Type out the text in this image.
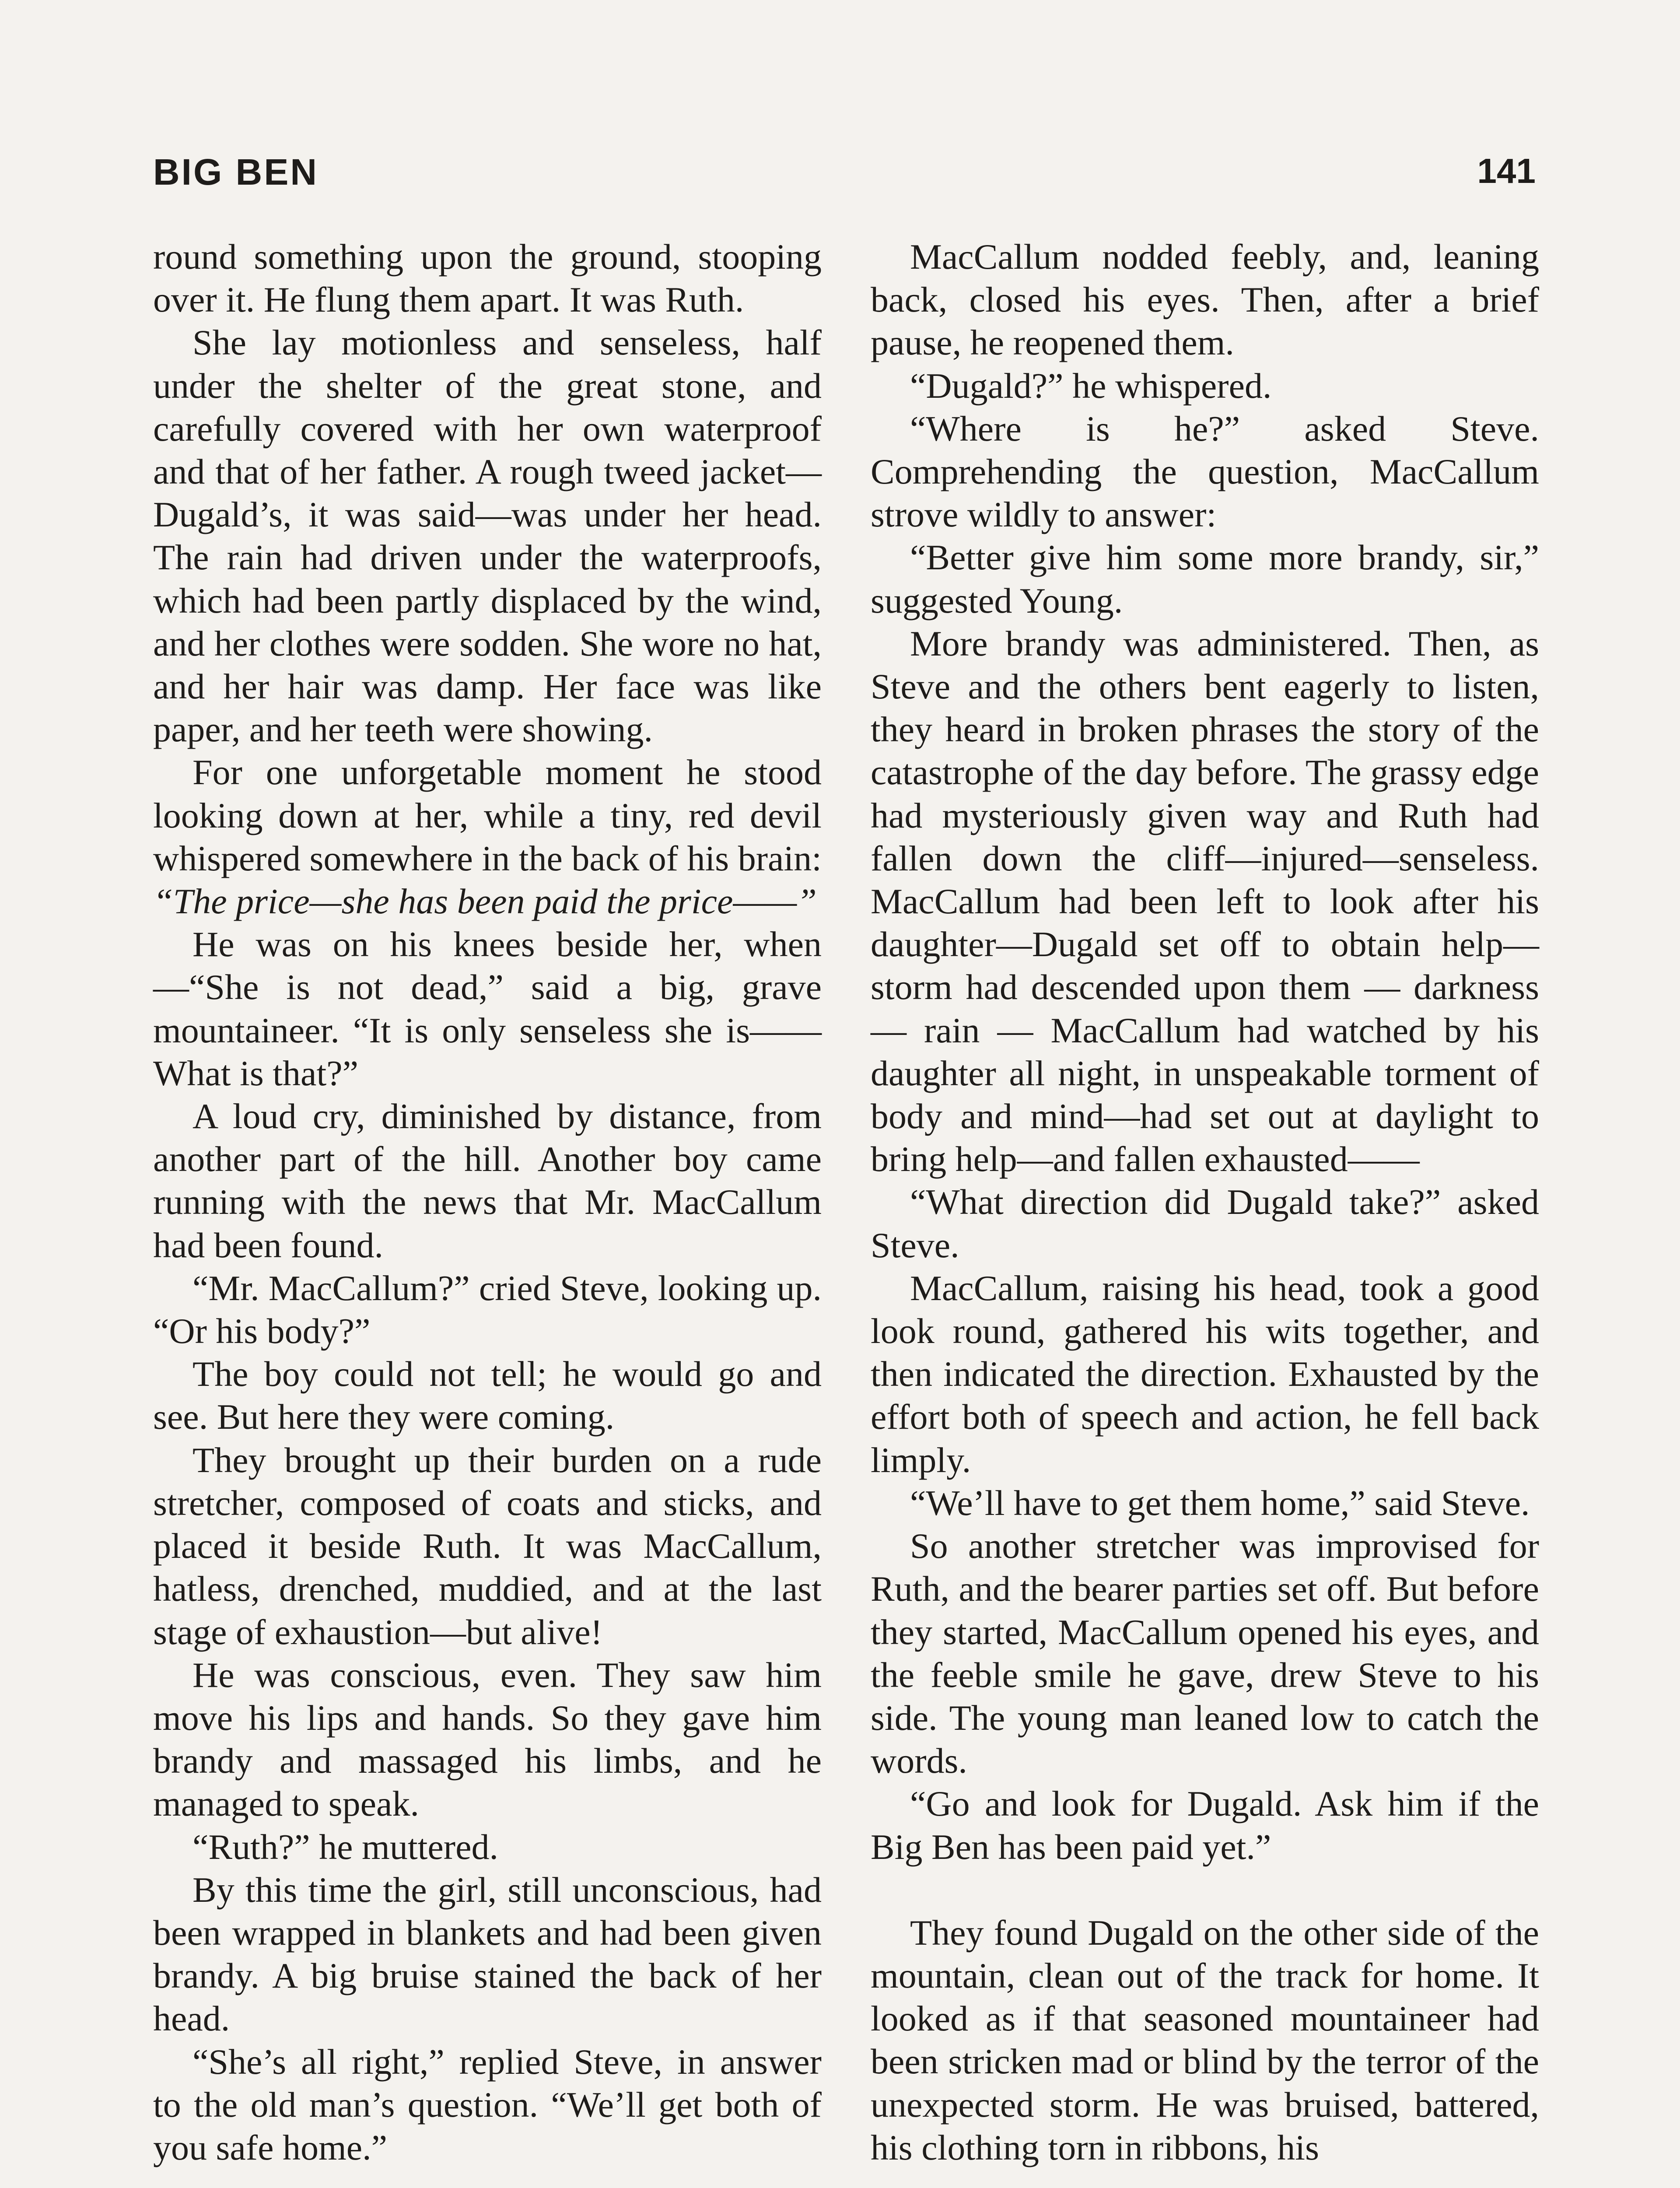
BIG BEN	141

round something upon the ground, stooping over it. He flung them apart. It was Ruth.

She lay motionless and senseless, half under the shelter of the great stone, and carefully covered with her own waterproof and that of her father. A rough tweed jacket—Dugald’s, it was said—was under her head. The rain had driven under the waterproofs, which had been partly displaced by the wind, and her clothes were sodden. She wore no hat, and her hair was damp. Her face was like paper, and her teeth were showing.

For one unforgetable moment he stood looking down at her, while a tiny, red devil whispered somewhere in the back of his brain: “The price—she has been paid the price——”

He was on his knees beside her, when—“She is not dead,” said a big, grave mountaineer. “It is only senseless she is—— What is that?”

A loud cry, diminished by distance, from another part of the hill. Another boy came running with the news that Mr. MacCallum had been found.

“Mr. MacCallum?” cried Steve, looking up. “Or his body?”

The boy could not tell; he would go and see. But here they were coming.

They brought up their burden on a rude stretcher, composed of coats and sticks, and placed it beside Ruth. It was MacCallum, hatless, drenched, muddied, and at the last stage of exhaustion—but alive!

He was conscious, even. They saw him move his lips and hands. So they gave him brandy and massaged his limbs, and he managed to speak.

“Ruth?” he muttered.

By this time the girl, still unconscious, had been wrapped in blankets and had been given brandy. A big bruise stained the back of her head.

“She’s all right,” replied Steve, in answer to the old man’s question. “We’ll get both of you safe home.”

MacCallum nodded feebly, and, leaning back, closed his eyes. Then, after a brief pause, he reopened them.

“Dugald?” he whispered.

“Where is he?” asked Steve. Comprehending the question, MacCallum strove wildly to answer:

“Better give him some more brandy, sir,” suggested Young.

More brandy was administered. Then, as Steve and the others bent eagerly to listen, they heard in broken phrases the story of the catastrophe of the day before. The grassy edge had mysteriously given way and Ruth had fallen down the cliff—injured—senseless. MacCallum had been left to look after his daughter—Dugald set off to obtain help—storm had descended upon them — darkness — rain — MacCallum had watched by his daughter all night, in unspeakable torment of body and mind—had set out at daylight to bring help—and fallen exhausted——

“What direction did Dugald take?” asked Steve.

MacCallum, raising his head, took a good look round, gathered his wits together, and then indicated the direction. Exhausted by the effort both of speech and action, he fell back limply.

“We’ll have to get them home,” said Steve.

So another stretcher was improvised for Ruth, and the bearer parties set off. But before they started, MacCallum opened his eyes, and the feeble smile he gave, drew Steve to his side. The young man leaned low to catch the words.

“Go and look for Dugald. Ask him if the Big Ben has been paid yet.”

They found Dugald on the other side of the mountain, clean out of the track for home. It looked as if that seasoned mountaineer had been stricken mad or blind by the terror of the unexpected storm. He was bruised, battered, his clothing torn in ribbons, his
